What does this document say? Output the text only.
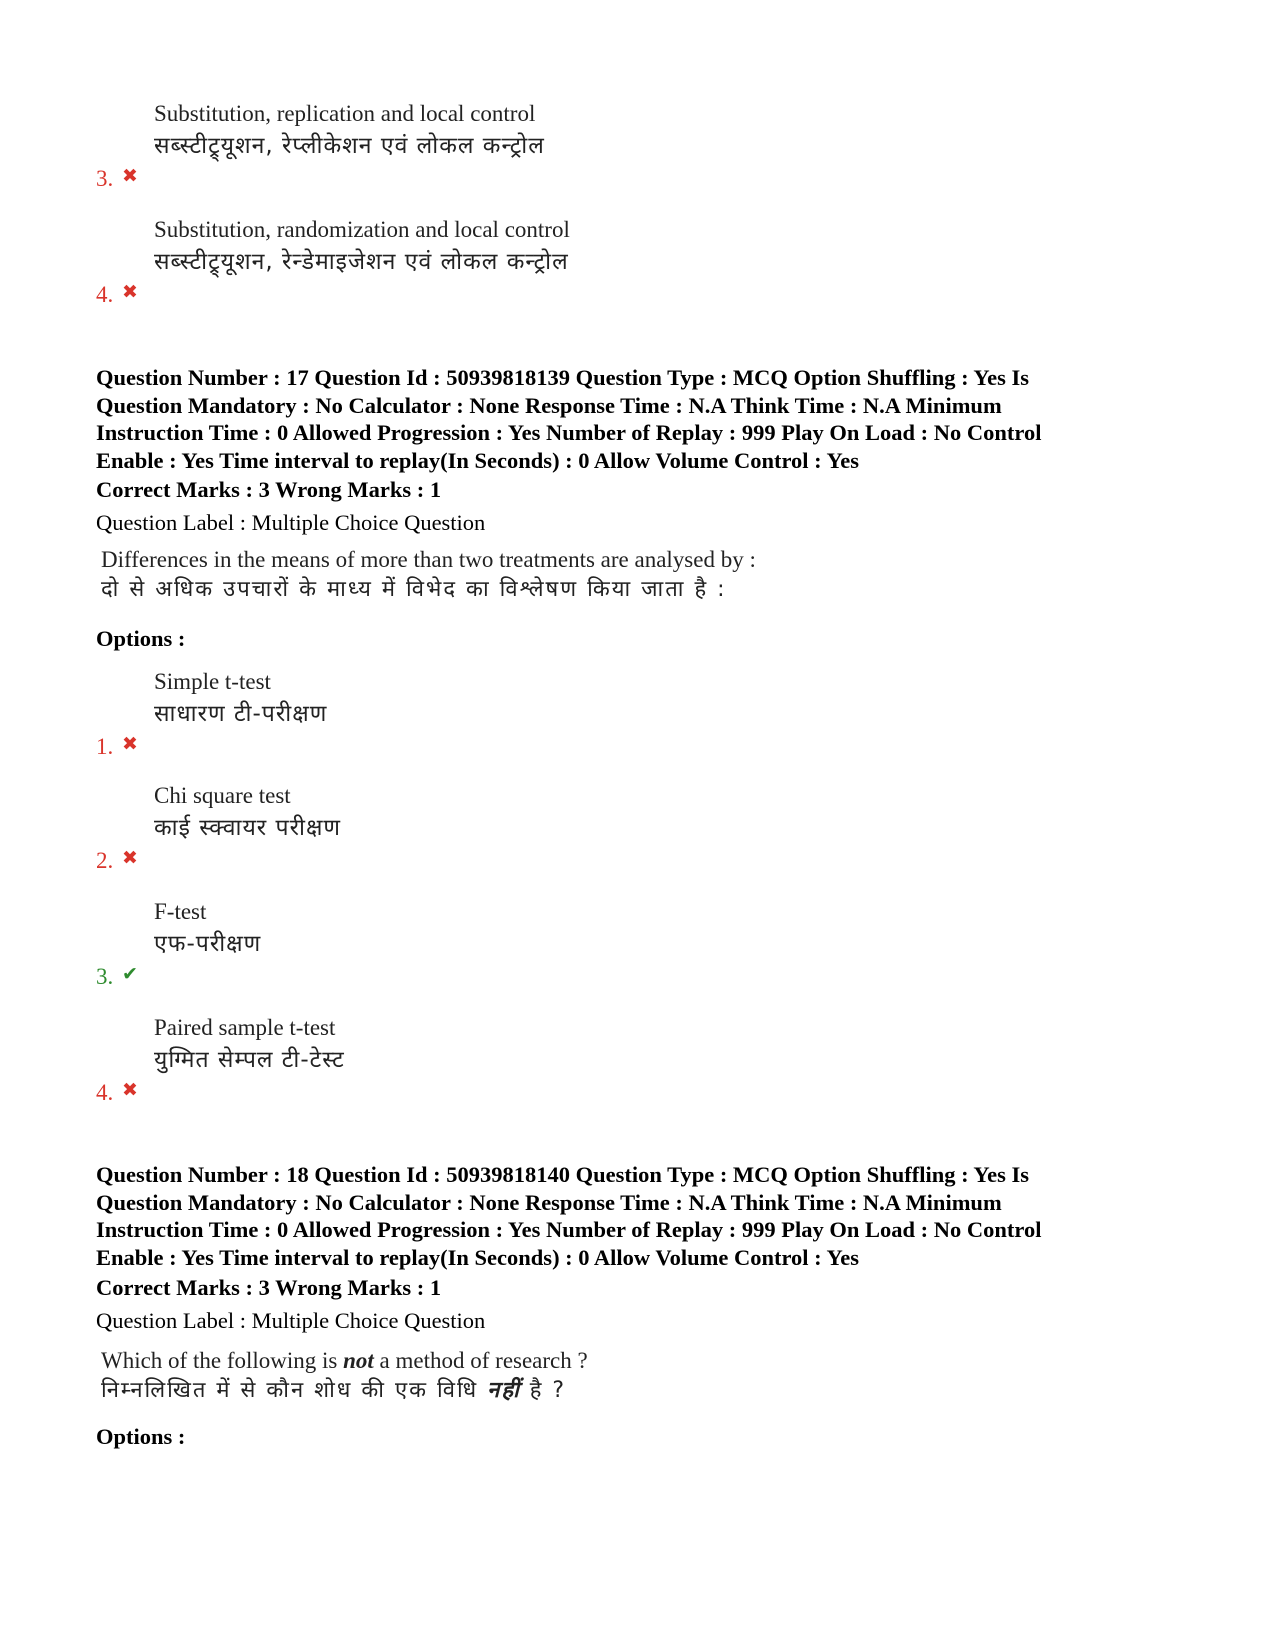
Substitution, replication and local control
सब्स्टीट्र्यूशन, रेप्लीकेशन एवं लोकल कन्ट्रोल
3. ✖
Substitution, randomization and local control
सब्स्टीट्र्यूशन, रेन्डेमाइजेशन एवं लोकल कन्ट्रोल
4. ✖
Question Number : 17 Question Id : 50939818139 Question Type : MCQ Option Shuffling : Yes Is
Question Mandatory : No Calculator : None Response Time : N.A Think Time : N.A Minimum
Instruction Time : 0 Allowed Progression : Yes Number of Replay : 999 Play On Load : No Control
Enable : Yes Time interval to replay(In Seconds) : 0 Allow Volume Control : Yes
Correct Marks : 3 Wrong Marks : 1
Question Label : Multiple Choice Question
Differences in the means of more than two treatments are analysed by :
दो से अधिक उपचारों के माध्य में विभेद का विश्लेषण किया जाता है :
Options :
Simple t-test
साधारण टी-परीक्षण
1. ✖
Chi square test
काई स्क्वायर परीक्षण
2. ✖
F-test
एफ-परीक्षण
3. ✔
Paired sample t-test
युग्मित सेम्पल टी-टेस्ट
4. ✖
Question Number : 18 Question Id : 50939818140 Question Type : MCQ Option Shuffling : Yes Is
Question Mandatory : No Calculator : None Response Time : N.A Think Time : N.A Minimum
Instruction Time : 0 Allowed Progression : Yes Number of Replay : 999 Play On Load : No Control
Enable : Yes Time interval to replay(In Seconds) : 0 Allow Volume Control : Yes
Correct Marks : 3 Wrong Marks : 1
Question Label : Multiple Choice Question
Which of the following is not a method of research ?
निम्नलिखित में से कौन शोध की एक विधि नहीं है ?
Options :
